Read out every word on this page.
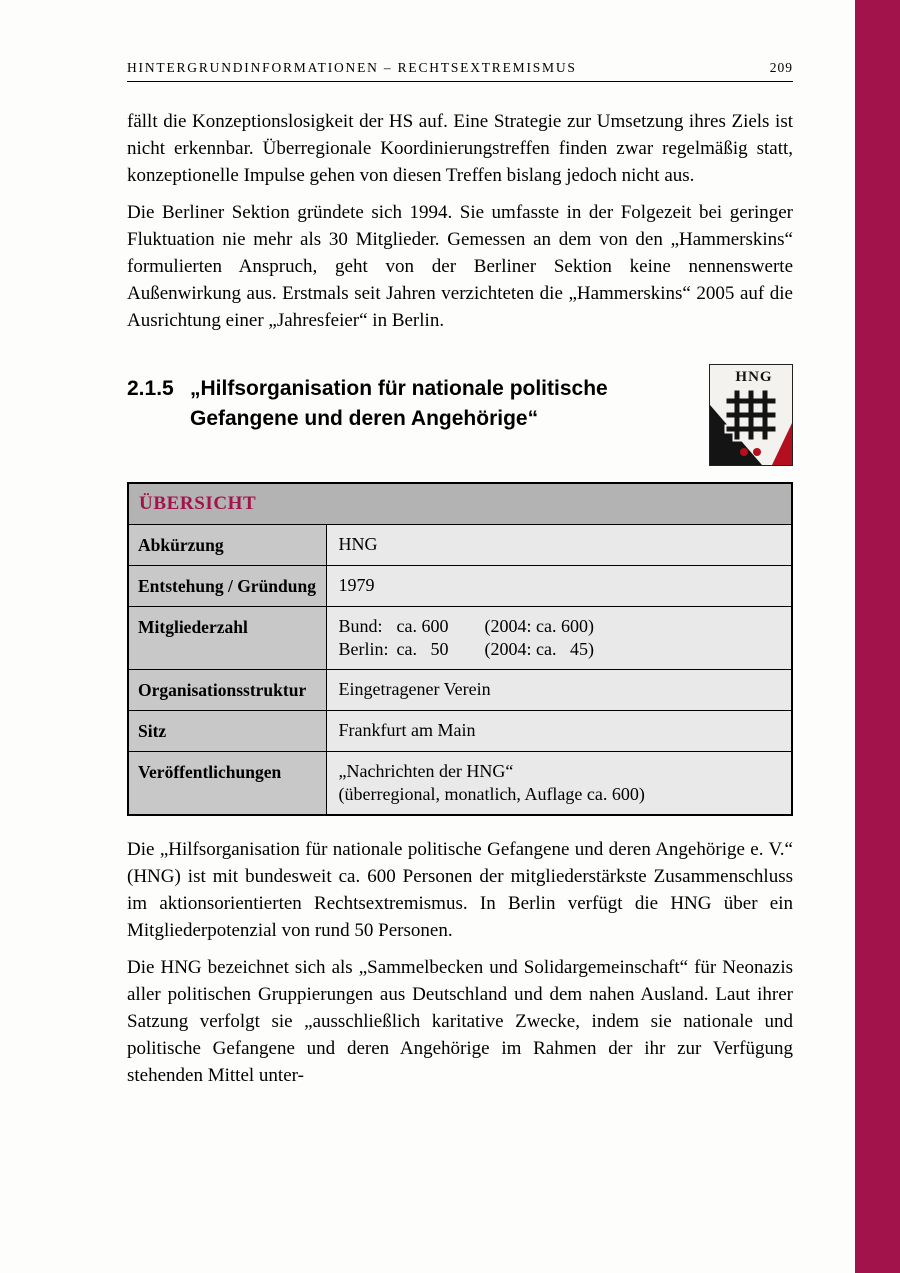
HINTERGRUNDINFORMATIONEN – RECHTSEXTREMISMUS	209

fällt die Konzeptionslosigkeit der HS auf. Eine Strategie zur Umsetzung ihres Ziels ist nicht erkennbar. Überregionale Koordinierungstreffen finden zwar regelmäßig statt, konzeptionelle Impulse gehen von diesen Treffen bislang jedoch nicht aus.

Die Berliner Sektion gründete sich 1994. Sie umfasste in der Folgezeit bei geringer Fluktuation nie mehr als 30 Mitglieder. Gemessen an dem von den „Hammerskins“ formulierten Anspruch, geht von der Berliner Sektion keine nennenswerte Außenwirkung aus. Erstmals seit Jahren verzichteten die „Hammerskins“ 2005 auf die Ausrichtung einer „Jahresfeier“ in Berlin.

2.1.5 „Hilfsorganisation für nationale politische Gefangene und deren Angehörige“
HNG
ÜBERSICHT	
Abkürzung	HNG
Entstehung / Gründung	1979
Mitgliederzahl	Bund: ca. 600	(2004: ca. 600)
Berlin: ca.   50	(2004: ca.   45)

Organisationsstruktur	Eingetragener Verein
Sitz	Frankfurt am Main
Veröffentlichungen	„Nachrichten der HNG“
(überregional, monatlich, Auflage ca. 600)

Die „Hilfsorganisation für nationale politische Gefangene und deren Angehörige e. V.“ (HNG) ist mit bundesweit ca. 600 Personen der mitgliederstärkste Zusammenschluss im aktionsorientierten Rechtsextremismus. In Berlin verfügt die HNG über ein Mitgliederpotenzial von rund 50 Personen.

Die HNG bezeichnet sich als „Sammelbecken und Solidargemeinschaft“ für Neonazis aller politischen Gruppierungen aus Deutschland und dem nahen Ausland. Laut ihrer Satzung verfolgt sie „ausschließlich karitative Zwecke, indem sie nationale und politische Gefangene und deren Angehörige im Rahmen der ihr zur Verfügung stehenden Mittel unter-
